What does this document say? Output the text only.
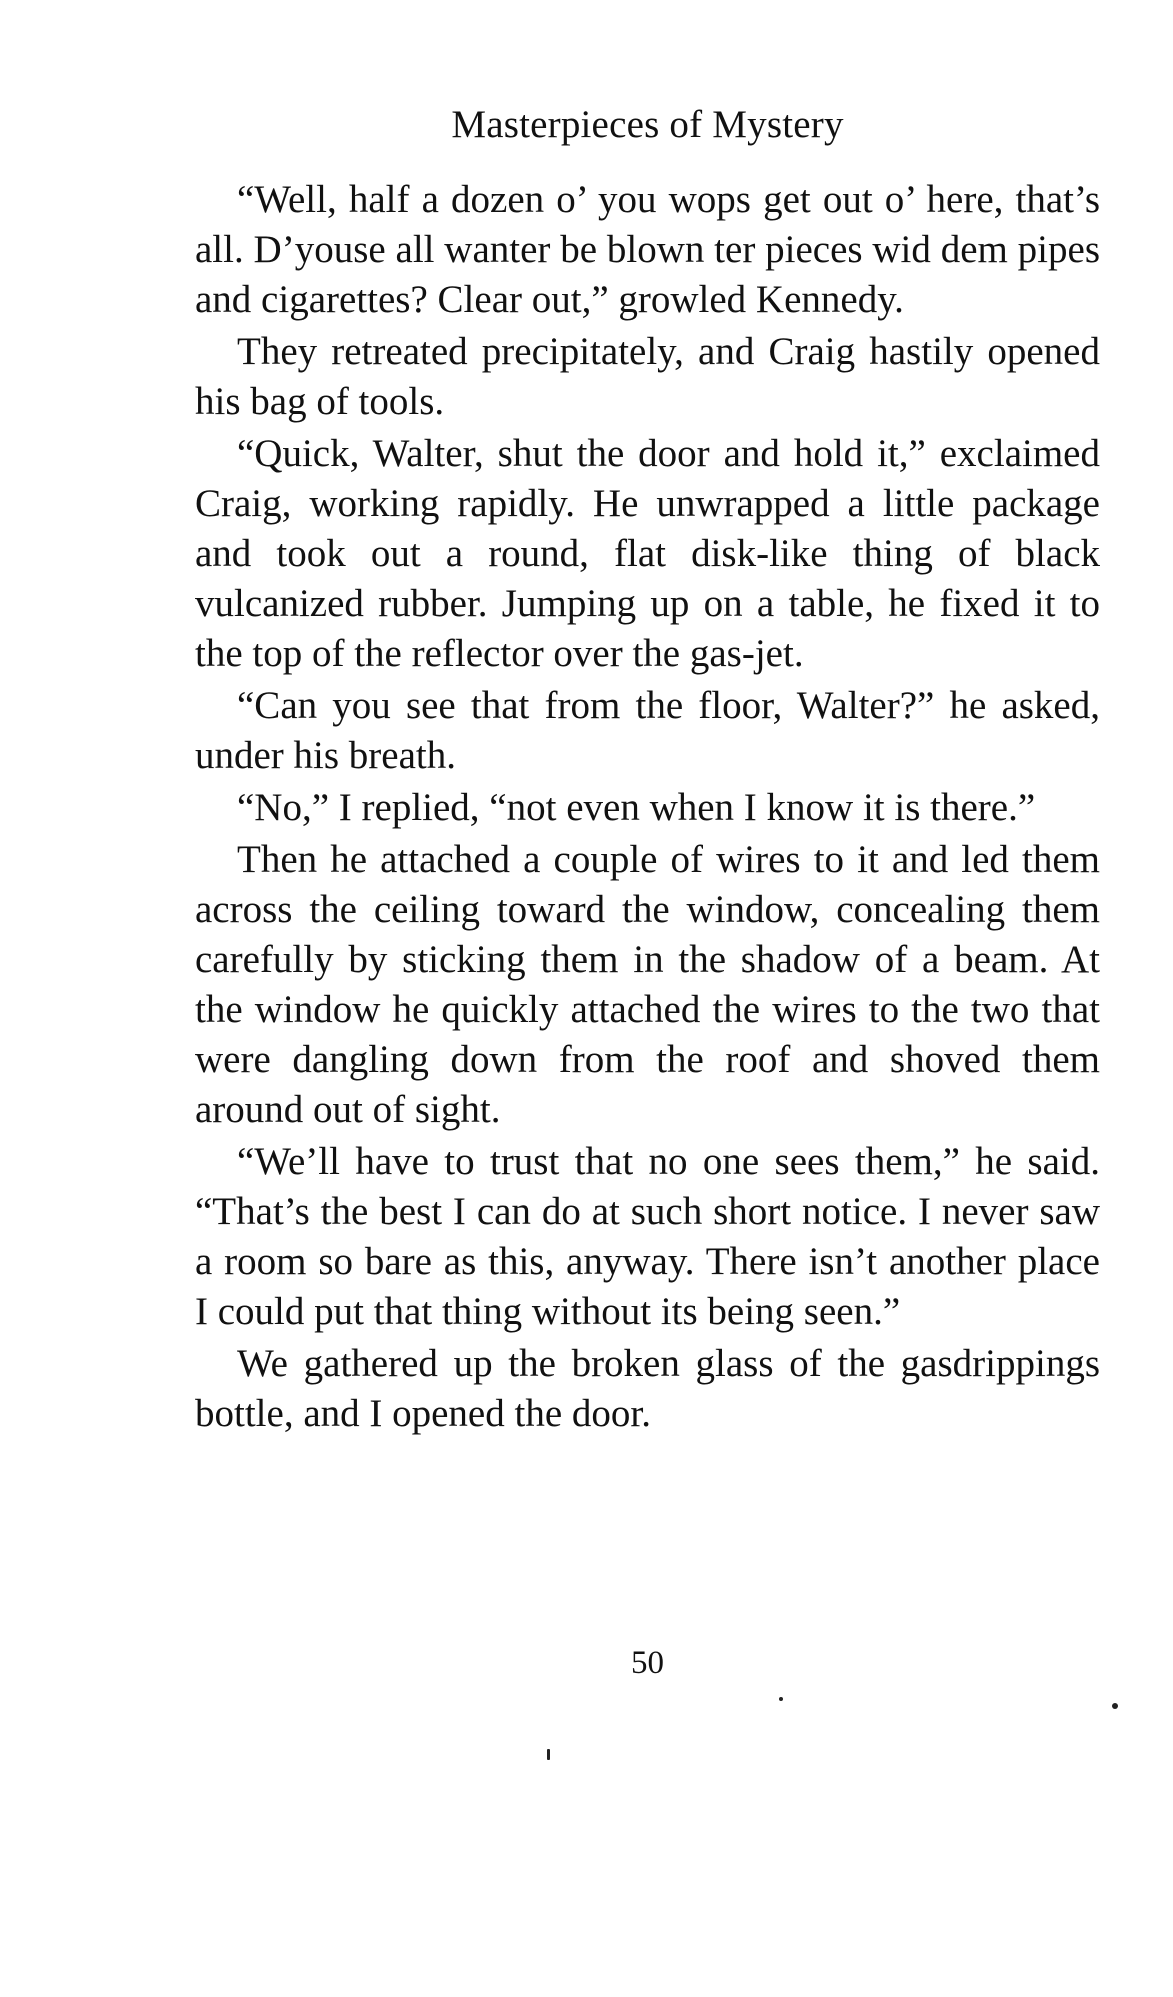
Masterpieces of Mystery

“Well, half a dozen o’ you wops get out o’ here, that’s all. D’youse all wanter be blown ter pieces wid dem pipes and cigarettes? Clear out,” growled Kennedy.

They retreated precipitately, and Craig hastily opened his bag of tools.

“Quick, Walter, shut the door and hold it,” exclaimed Craig, working rapidly. He unwrapped a little package and took out a round, flat disk-like thing of black vulcanized rubber. Jumping up on a table, he fixed it to the top of the reflector over the gas-jet.

“Can you see that from the floor, Walter?” he asked, under his breath.

“No,” I replied, “not even when I know it is there.”

Then he attached a couple of wires to it and led them across the ceiling toward the window, concealing them carefully by sticking them in the shadow of a beam. At the window he quickly attached the wires to the two that were dangling down from the roof and shoved them around out of sight.

“We’ll have to trust that no one sees them,” he said. “That’s the best I can do at such short notice. I never saw a room so bare as this, anyway. There isn’t another place I could put that thing without its being seen.”

We gathered up the broken glass of the gasdrippings bottle, and I opened the door.

50
